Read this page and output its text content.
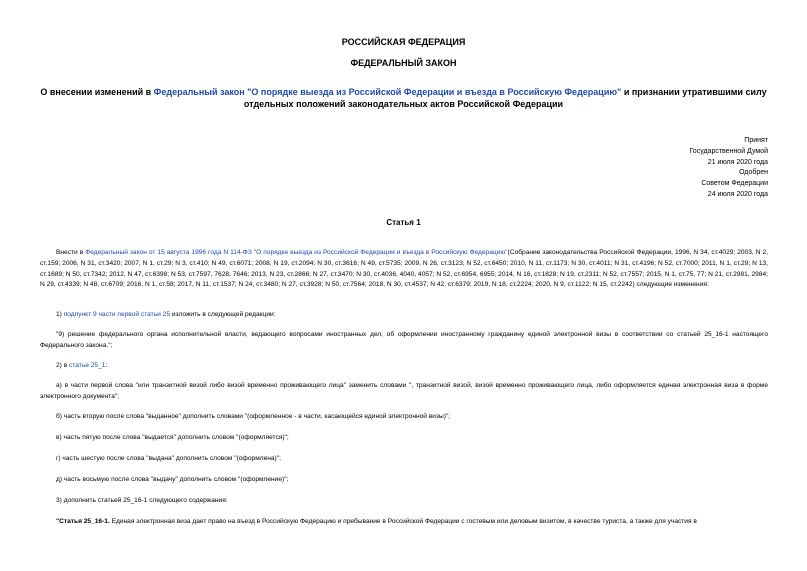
РОССИЙСКАЯ ФЕДЕРАЦИЯ
ФЕДЕРАЛЬНЫЙ ЗАКОН
О внесении изменений в Федеральный закон "О порядке выезда из Российской Федерации и въезда в Российскую Федерацию" и признании утратившими силу отдельных положений законодательных актов Российской Федерации
Принят
Государственной Думой
21 июля 2020 года
Одобрен
Советом Федерации
24 июля 2020 года
Статья 1
Внести в Федеральный закон от 15 августа 1996 года N 114-ФЗ "О порядке выезда из Российской Федерации и въезда в Российскую Федерацию"(Собрание законодательства Российской Федерации, 1996, N 34, ст.4029; 2003, N 2, ст.159; 2006, N 31, ст.3420; 2007, N 1, ст.29; N 3, ст.410; N 49, ст.6071; 2008, N 19, ст.2094; N 30, ст.3616; N 49, ст.5735; 2009, N 26, ст.3123; N 52, ст.6450; 2010, N 11, ст.1173; N 30, ст.4011; N 31, ст.4196; N 52, ст.7000; 2011, N 1, ст.29; N 13, ст.1689; N 50, ст.7342; 2012, N 47, ст.6398; N 53, ст.7597, 7628, 7646; 2013, N 23, ст.2866; N 27, ст.3470; N 30, ст.4036, 4040, 4057; N 52, ст.6954, 6955; 2014, N 16, ст.1828; N 19, ст.2311; N 52, ст.7557; 2015, N 1, ст.75, 77; N 21, ст.2981, 2984; N 29, ст.4339; N 48, ст.6709; 2016, N 1, ст.58; 2017, N 11, ст.1537; N 24, ст.3480; N 27, ст.3928; N 50, ст.7564; 2018, N 30, ст.4537; N 42, ст.6379; 2019, N 18, ст.2224; 2020, N 9, ст.1122; N 15, ст.2242) следующие изменения:
1) подпункт 9 части первой статьи 25 изложить в следующей редакции:
"9) решение федерального органа исполнительной власти, ведающего вопросами иностранных дел, об оформлении иностранному гражданину единой электронной визы в соответствии со статьей 25_16-1 настоящего Федерального закона.";
2) в статье 25_1:
а) в части первой слова "или транзитной визой либо визой временно проживающего лица" заменить словами ", транзитной визой, визой временно проживающего лица, либо оформляется единая электронная виза в форме электронного документа";
б) часть вторую после слова "выданное" дополнить словами "(оформленное - в части, касающейся единой электронной визы)";
в) часть пятую после слова "выдается" дополнить словом "(оформляется)";
г) часть шестую после слова "выдана" дополнить словом "(оформлена)";
д) часть восьмую после слова "выдачу" дополнить словом "(оформление)";
3) дополнить статьей 25_16-1 следующего содержания:
"Статья 25_16-1. Единая электронная виза дает право на въезд в Российскую Федерацию и пребывание в Российской Федерации с гостевым или деловым визитом, в качестве туриста, а также для участия в
